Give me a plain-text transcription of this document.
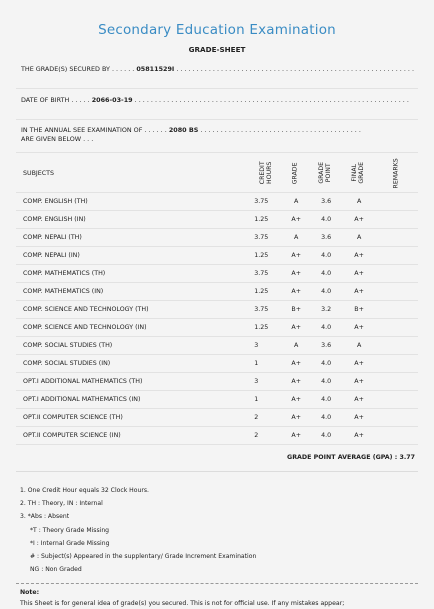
Secondary Education Examination
GRADE-SHEET
THE GRADE(S) SECURED BY . . . . . . 05811529I . . . . . . . . . . . . . . . . . . . . . . . . . . . . . . . . . . . . . . . . . . . . . . . . . . . . . . . . . . .
DATE OF BIRTH . . . . . 2066-03-19 . . . . . . . . . . . . . . . . . . . . . . . . . . . . . . . . . . . . . . . . . . . . . . . . . . . . . . . . . . . . . . . . . . . .
IN THE ANNUAL SEE EXAMINATION OF . . . . . . 2080 BS . . . . . . . . . . . . . . . . . . . . . . . . . . . . . . . . . . . . . . . .
ARE GIVEN BELOW . . .
SUBJECTS	CREDIT HOURS	GRADE	GRADE POINT	FINAL GRADE	REMARKS
COMP. ENGLISH (TH)	3.75	A	3.6	A	
COMP. ENGLISH (IN)	1.25	A+	4.0	A+	
COMP. NEPALI (TH)	3.75	A	3.6	A	
COMP. NEPALI (IN)	1.25	A+	4.0	A+	
COMP. MATHEMATICS (TH)	3.75	A+	4.0	A+	
COMP. MATHEMATICS (IN)	1.25	A+	4.0	A+	
COMP. SCIENCE AND TECHNOLOGY (TH)	3.75	B+	3.2	B+	
COMP. SCIENCE AND TECHNOLOGY (IN)	1.25	A+	4.0	A+	
COMP. SOCIAL STUDIES (TH)	3	A	3.6	A	
COMP. SOCIAL STUDIES (IN)	1	A+	4.0	A+	
OPT.I ADDITIONAL MATHEMATICS (TH)	3	A+	4.0	A+	
OPT.I ADDITIONAL MATHEMATICS (IN)	1	A+	4.0	A+	
OPT.II COMPUTER SCIENCE (TH)	2	A+	4.0	A+	
OPT.II COMPUTER SCIENCE (IN)	2	A+	4.0	A+	
GRADE POINT AVERAGE (GPA) : 3.77					
1. One Credit Hour equals 32 Clock Hours.
2. TH : Theory, IN : Internal
3. *Abs : Absent
*T : Theory Grade Missing
*I : Internal Grade Missing
# : Subject(s) Appeared in the supplentary/ Grade Increment Examination
NG : Non Graded
Note:
This Sheet is for general idea of grade(s) you secured. This is not for official use. If any mistakes appear;
